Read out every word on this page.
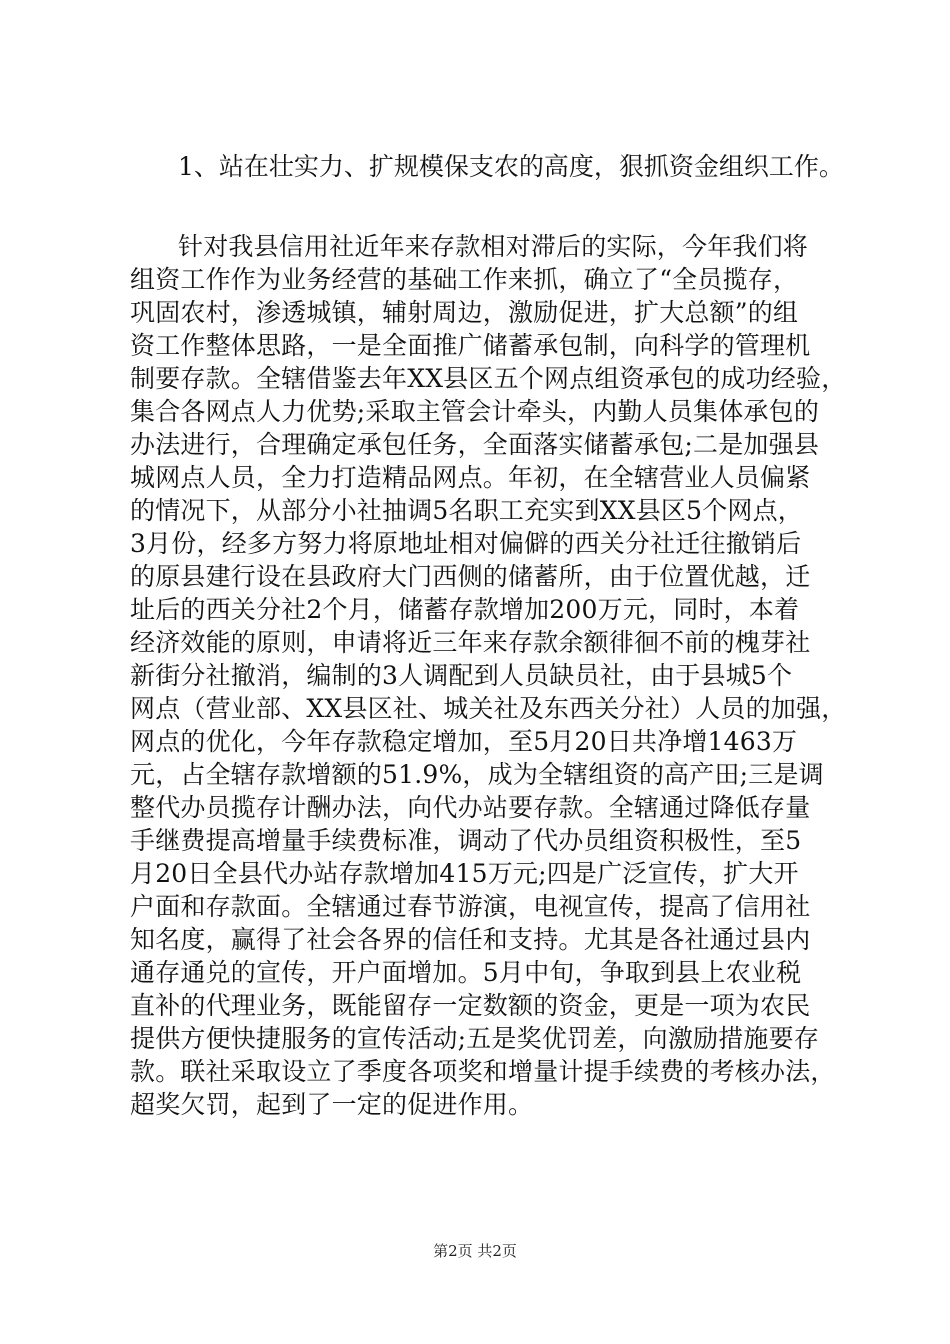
1、站在壮实力、扩规模保支农的高度，狠抓资金组织工作。
针对我县信用社近年来存款相对滞后的实际，今年我们将
组资工作作为业务经营的基础工作来抓，确立了“全员揽存，
巩固农村，渗透城镇，辅射周边，激励促进，扩大总额”的组
资工作整体思路，一是全面推广储蓄承包制，向科学的管理机
制要存款。全辖借鉴去年XX县区五个网点组资承包的成功经验，
集合各网点人力优势;采取主管会计牵头，内勤人员集体承包的
办法进行，合理确定承包任务，全面落实储蓄承包;二是加强县
城网点人员，全力打造精品网点。年初，在全辖营业人员偏紧
的情况下，从部分小社抽调5名职工充实到XX县区5个网点，
3月份，经多方努力将原地址相对偏僻的西关分社迁往撤销后
的原县建行设在县政府大门西侧的储蓄所，由于位置优越，迁
址后的西关分社2个月，储蓄存款增加200万元，同时，本着
经济效能的原则，申请将近三年来存款余额徘徊不前的槐芽社
新街分社撤消，编制的3人调配到人员缺员社，由于县城5个
网点（营业部、XX县区社、城关社及东西关分社）人员的加强，
网点的优化，今年存款稳定增加，至5月20日共净增1463万
元，占全辖存款增额的51.9%，成为全辖组资的高产田;三是调
整代办员揽存计酬办法，向代办站要存款。全辖通过降低存量
手继费提高增量手续费标准，调动了代办员组资积极性，至5
月20日全县代办站存款增加415万元;四是广泛宣传，扩大开
户面和存款面。全辖通过春节游演，电视宣传，提高了信用社
知名度，赢得了社会各界的信任和支持。尤其是各社通过县内
通存通兑的宣传，开户面增加。5月中旬，争取到县上农业税
直补的代理业务，既能留存一定数额的资金，更是一项为农民
提供方便快捷服务的宣传活动;五是奖优罚差，向激励措施要存
款。联社采取设立了季度各项奖和增量计提手续费的考核办法，
超奖欠罚，起到了一定的促进作用。
第2页 共2页
